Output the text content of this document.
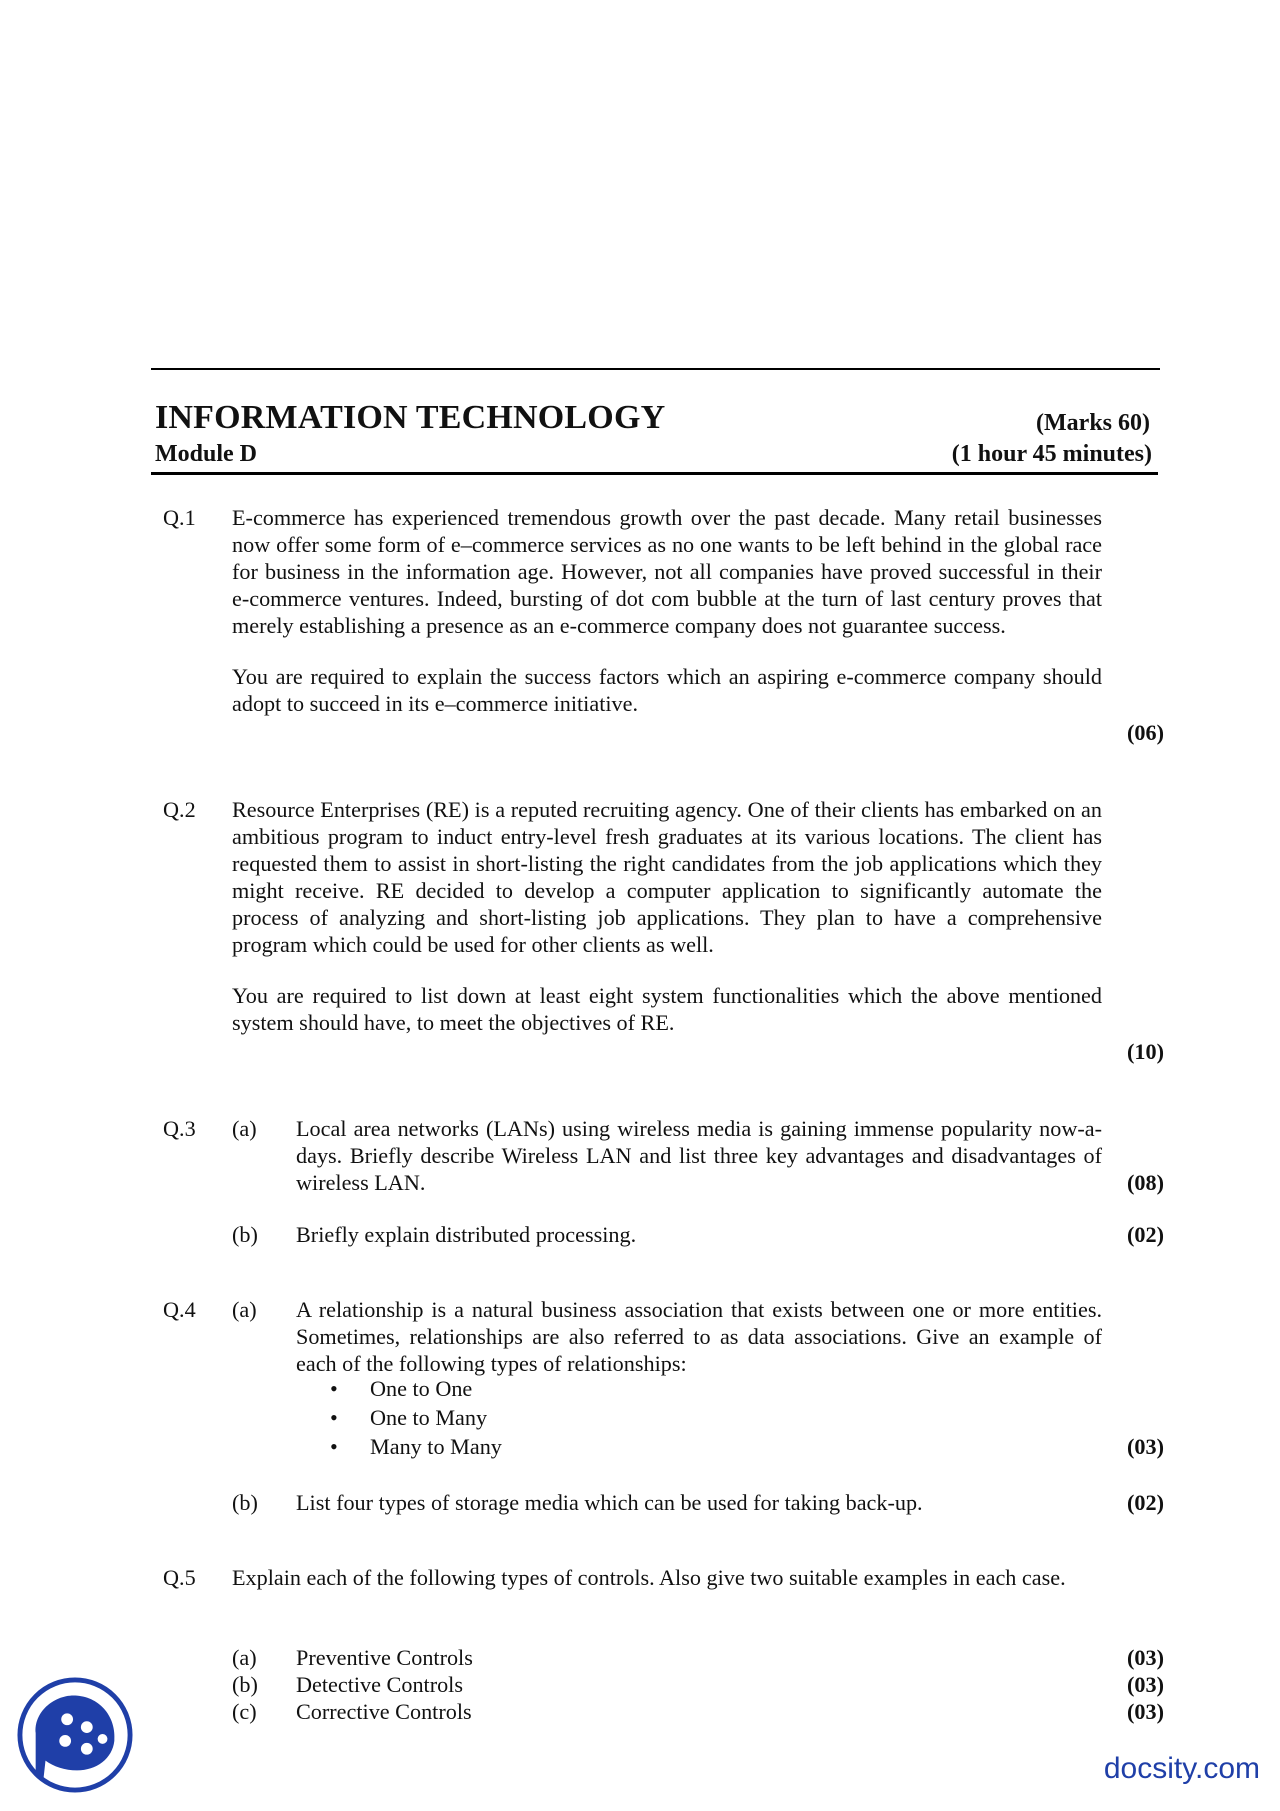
INFORMATION TECHNOLOGY	(Marks 60)
Module D	(1 hour 45 minutes)
Q.1 E-commerce has experienced tremendous growth over the past decade. Many retail businesses now offer some form of e–commerce services as no one wants to be left behind in the global race for business in the information age. However, not all companies have proved successful in their e-commerce ventures. Indeed, bursting of dot com bubble at the turn of last century proves that merely establishing a presence as an e-commerce company does not guarantee success.

You are required to explain the success factors which an aspiring e-commerce company should adopt to succeed in its e–commerce initiative.

(06)
Q.2 Resource Enterprises (RE) is a reputed recruiting agency. One of their clients has embarked on an ambitious program to induct entry-level fresh graduates at its various locations. The client has requested them to assist in short-listing the right candidates from the job applications which they might receive. RE decided to develop a computer application to significantly automate the process of analyzing and short-listing job applications. They plan to have a comprehensive program which could be used for other clients as well.

You are required to list down at least eight system functionalities which the above mentioned system should have, to meet the objectives of RE.

(10)
Q.3 (a) Local area networks (LANs) using wireless media is gaining immense popularity now-a-days. Briefly describe Wireless LAN and list three key advantages and disadvantages of wireless LAN.	(08)
(b) Briefly explain distributed processing.	(02)
Q.4 (a) A relationship is a natural business association that exists between one or more entities. Sometimes, relationships are also referred to as data associations. Give an example of each of the following types of relationships:

• One to One
• One to Many
• Many to Many	(03)
(b) List four types of storage media which can be used for taking back-up.	(02)
Q.5 Explain each of the following types of controls. Also give two suitable examples in each case.

(a) Preventive Controls	(03)
(b) Detective Controls	(03)
(c) Corrective Controls	(03)
docsity.com
